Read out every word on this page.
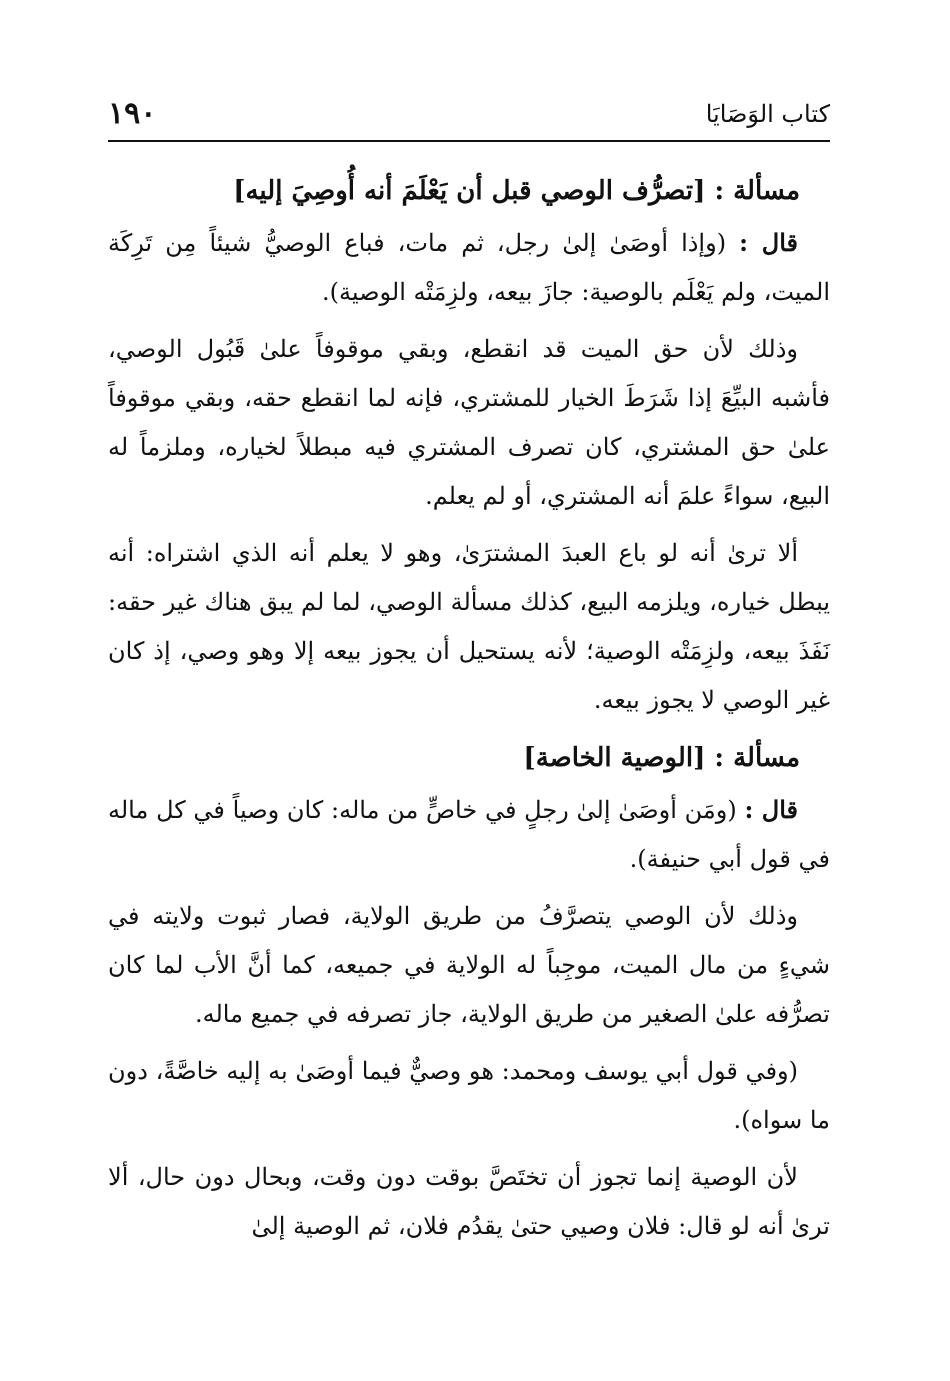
كتاب الوَصَايَا
١٩٠
مسألة : [تصرُّف الوصي قبل أن يَعْلَمَ أنه أُوصِيَ إليه]

قال : (وإذا أوصَىٰ إلىٰ رجل، ثم مات، فباع الوصيُّ شيئاً مِن تَرِكَة الميت، ولم يَعْلَم بالوصية: جازَ بيعه، ولزِمَتْه الوصية).

وذلك لأن حق الميت قد انقطع، وبقي موقوفاً علىٰ قَبُول الوصي، فأشبه البيِّعَ إذا شَرَطَ الخيار للمشتري، فإنه لما انقطع حقه، وبقي موقوفاً علىٰ حق المشتري، كان تصرف المشتري فيه مبطلاً لخياره، وملزماً له البيع، سواءً علمَ أنه المشتري، أو لم يعلم.

ألا ترىٰ أنه لو باع العبدَ المشترَىٰ، وهو لا يعلم أنه الذي اشتراه: أنه يبطل خياره، ويلزمه البيع، كذلك مسألة الوصي، لما لم يبق هناك غير حقه: نَفَذَ بيعه، ولزِمَتْه الوصية؛ لأنه يستحيل أن يجوز بيعه إلا وهو وصي، إذ كان غير الوصي لا يجوز بيعه.

مسألة : [الوصية الخاصة]

قال : (ومَن أوصَىٰ إلىٰ رجلٍ في خاصٍّ من ماله: كان وصياً في كل ماله في قول أبي حنيفة).

وذلك لأن الوصي يتصرَّفُ من طريق الولاية، فصار ثبوت ولايته في شيءٍ من مال الميت، موجِباً له الولاية في جميعه، كما أنَّ الأب لما كان تصرُّفه علىٰ الصغير من طريق الولاية، جاز تصرفه في جميع ماله.

(وفي قول أبي يوسف ومحمد: هو وصيٌّ فيما أوصَىٰ به إليه خاصَّةً، دون ما سواه).

لأن الوصية إنما تجوز أن تختَصَّ بوقت دون وقت، وبحال دون حال، ألا ترىٰ أنه لو قال: فلان وصيي حتىٰ يقدُم فلان، ثم الوصية إلىٰ
